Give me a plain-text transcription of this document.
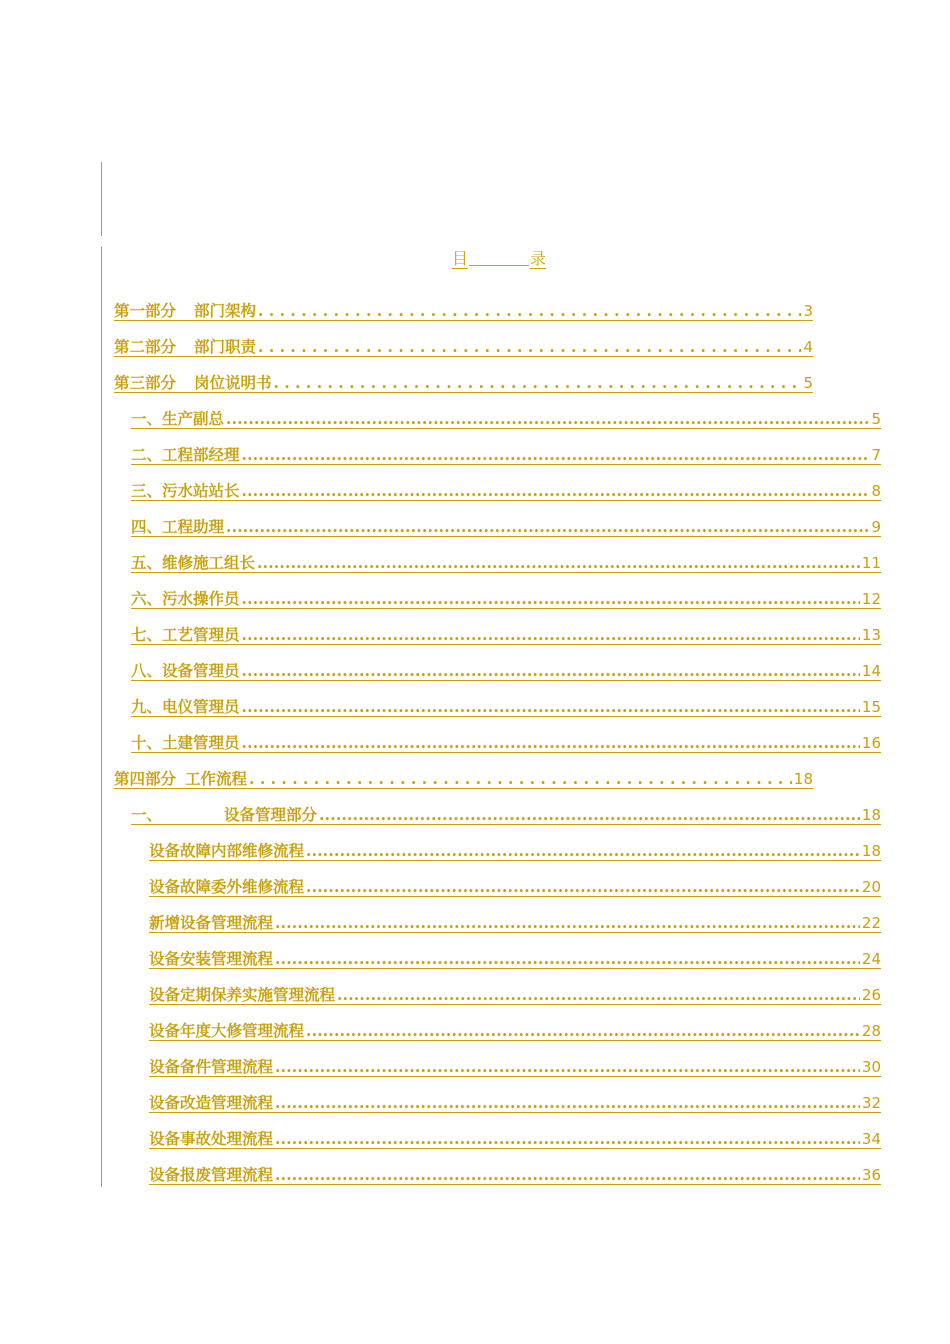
目	录
第一部分 部门架构 . . .	3
第二部分 部门职责 . . .	4
第三部分 岗位说明书 . . .	5
一、生产副总 .....	5
二、工程部经理 .....	7
三、污水站站长 .....	8
四、工程助理 .....	9
五、维修施工组长 .....	11
六、污水操作员 .....	12
七、工艺管理员 .....	13
八、设备管理员 .....	14
九、电仪管理员 .....	15
十、土建管理员 .....	16
第四部分 工作流程 . . .	18
一、	设备管理部分 .....	18
设备故障内部维修流程 .....	18
设备故障委外维修流程 .....	20
新增设备管理流程 .....	22
设备安装管理流程 .....	24
设备定期保养实施管理流程 .....	26
设备年度大修管理流程 .....	28
设备备件管理流程 .....	30
设备改造管理流程 .....	32
设备事故处理流程 .....	34
设备报废管理流程 .....	36
